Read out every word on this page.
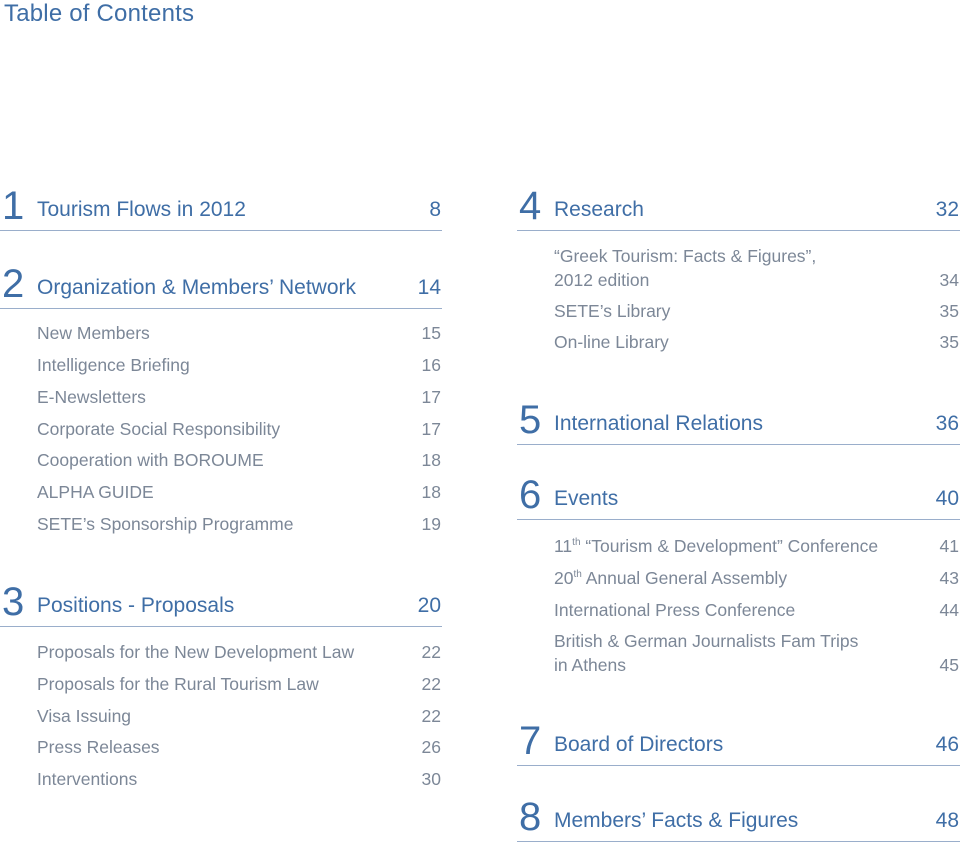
Table of Contents
1 Tourism Flows in 2012	8
2 Organization & Members’ Network	14
New Members	15
Intelligence Briefing	16
E-Newsletters	17
Corporate Social Responsibility	17
Cooperation with BOROUME	18
ALPHA GUIDE	18
SETE’s Sponsorship Programme	19
3 Positions - Proposals	20
Proposals for the New Development Law	22
Proposals for the Rural Tourism Law	22
Visa Issuing	22
Press Releases	26
Interventions	30
4 Research	32
“Greek Tourism: Facts & Figures”,
2012 edition	34
SETE’s Library	35
On-line Library	35
5 International Relations	36
6 Events	40
11th “Tourism & Development” Conference	41
20th Annual General Assembly	43
International Press Conference	44
British & German Journalists Fam Trips
in Athens	45
7 Board of Directors	46
8 Members’ Facts & Figures	48
